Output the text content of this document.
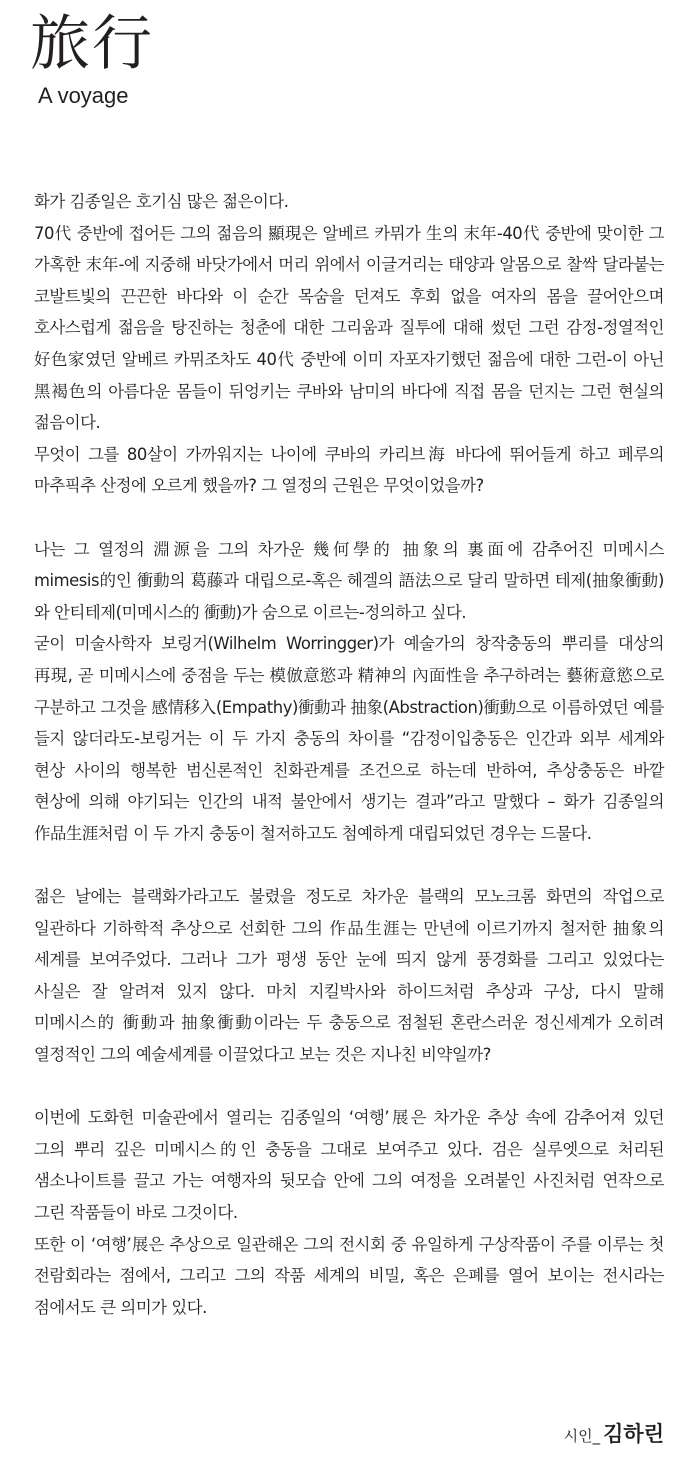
旅行

A voyage

화가 김종일은 호기심 많은 젊은이다.

70代 중반에 접어든 그의 젊음의 顯現은 알베르 카뮈가 生의 末年-40代 중반에 맞이한 그 가혹한 末年-에 지중해 바닷가에서 머리 위에서 이글거리는 태양과 알몸으로 찰싹 달라붙는 코발트빛의 끈끈한 바다와 이 순간 목숨을 던져도 후회 없을 여자의 몸을 끌어안으며 호사스럽게 젊음을 탕진하는 청춘에 대한 그리움과 질투에 대해 썼던 그런 감정-정열적인 好色家였던 알베르 카뮈조차도 40代 중반에 이미 자포자기했던 젊음에 대한 그런-이 아닌 黑褐色의 아름다운 몸들이 뒤엉키는 쿠바와 남미의 바다에 직접 몸을 던지는 그런 현실의 젊음이다.

무엇이 그를 80살이 가까워지는 나이에 쿠바의 카리브海 바다에 뛰어들게 하고 페루의 마추픽추 산정에 오르게 했을까? 그 열정의 근원은 무엇이었을까?

나는 그 열정의 淵源을 그의 차가운 幾何學的 抽象의 裏面에 감추어진 미메시스 mimesis的인 衝動의 葛藤과 대립으로-혹은 헤겔의 語法으로 달리 말하면 테제(抽象衝動)와 안티테제(미메시스的 衝動)가 숨으로 이르는-정의하고 싶다.

굳이 미술사학자 보링거(Wilhelm Worringger)가 예술가의 창작충동의 뿌리를 대상의 再現, 곧 미메시스에 중점을 두는 模倣意慾과 精神의 內面性을 추구하려는 藝術意慾으로 구분하고 그것을 感情移入(Empathy)衝動과 抽象(Abstraction)衝動으로 이름하였던 예를 들지 않더라도-보링거는 이 두 가지 충동의 차이를 “감정이입충동은 인간과 외부 세계와 현상 사이의 행복한 범신론적인 친화관계를 조건으로 하는데 반하여, 추상충동은 바깥 현상에 의해 야기되는 인간의 내적 불안에서 생기는 결과”라고 말했다 – 화가 김종일의 作品生涯처럼 이 두 가지 충동이 철저하고도 첨예하게 대립되었던 경우는 드물다.

젊은 날에는 블랙화가라고도 불렸을 정도로 차가운 블랙의 모노크롬 화면의 작업으로 일관하다 기하학적 추상으로 선회한 그의 作品生涯는 만년에 이르기까지 철저한 抽象의 세계를 보여주었다. 그러나 그가 평생 동안 눈에 띄지 않게 풍경화를 그리고 있었다는 사실은 잘 알려져 있지 않다. 마치 지킬박사와 하이드처럼 추상과 구상, 다시 말해 미메시스的 衝動과 抽象衝動이라는 두 충동으로 점철된 혼란스러운 정신세계가 오히려 열정적인 그의 예술세계를 이끌었다고 보는 것은 지나친 비약일까?

이번에 도화헌 미술관에서 열리는 김종일의 ‘여행’展은 차가운 추상 속에 감추어져 있던 그의 뿌리 깊은 미메시스的인 충동을 그대로 보여주고 있다. 검은 실루엣으로 처리된 샘소나이트를 끌고 가는 여행자의 뒷모습 안에 그의 여정을 오려붙인 사진처럼 연작으로 그린 작품들이 바로 그것이다.

또한 이 ‘여행’展은 추상으로 일관해온 그의 전시회 중 유일하게 구상작품이 주를 이루는 첫 전람회라는 점에서, 그리고 그의 작품 세계의 비밀, 혹은 은폐를 열어 보이는 전시라는 점에서도 큰 의미가 있다.

시인_ 김하린
